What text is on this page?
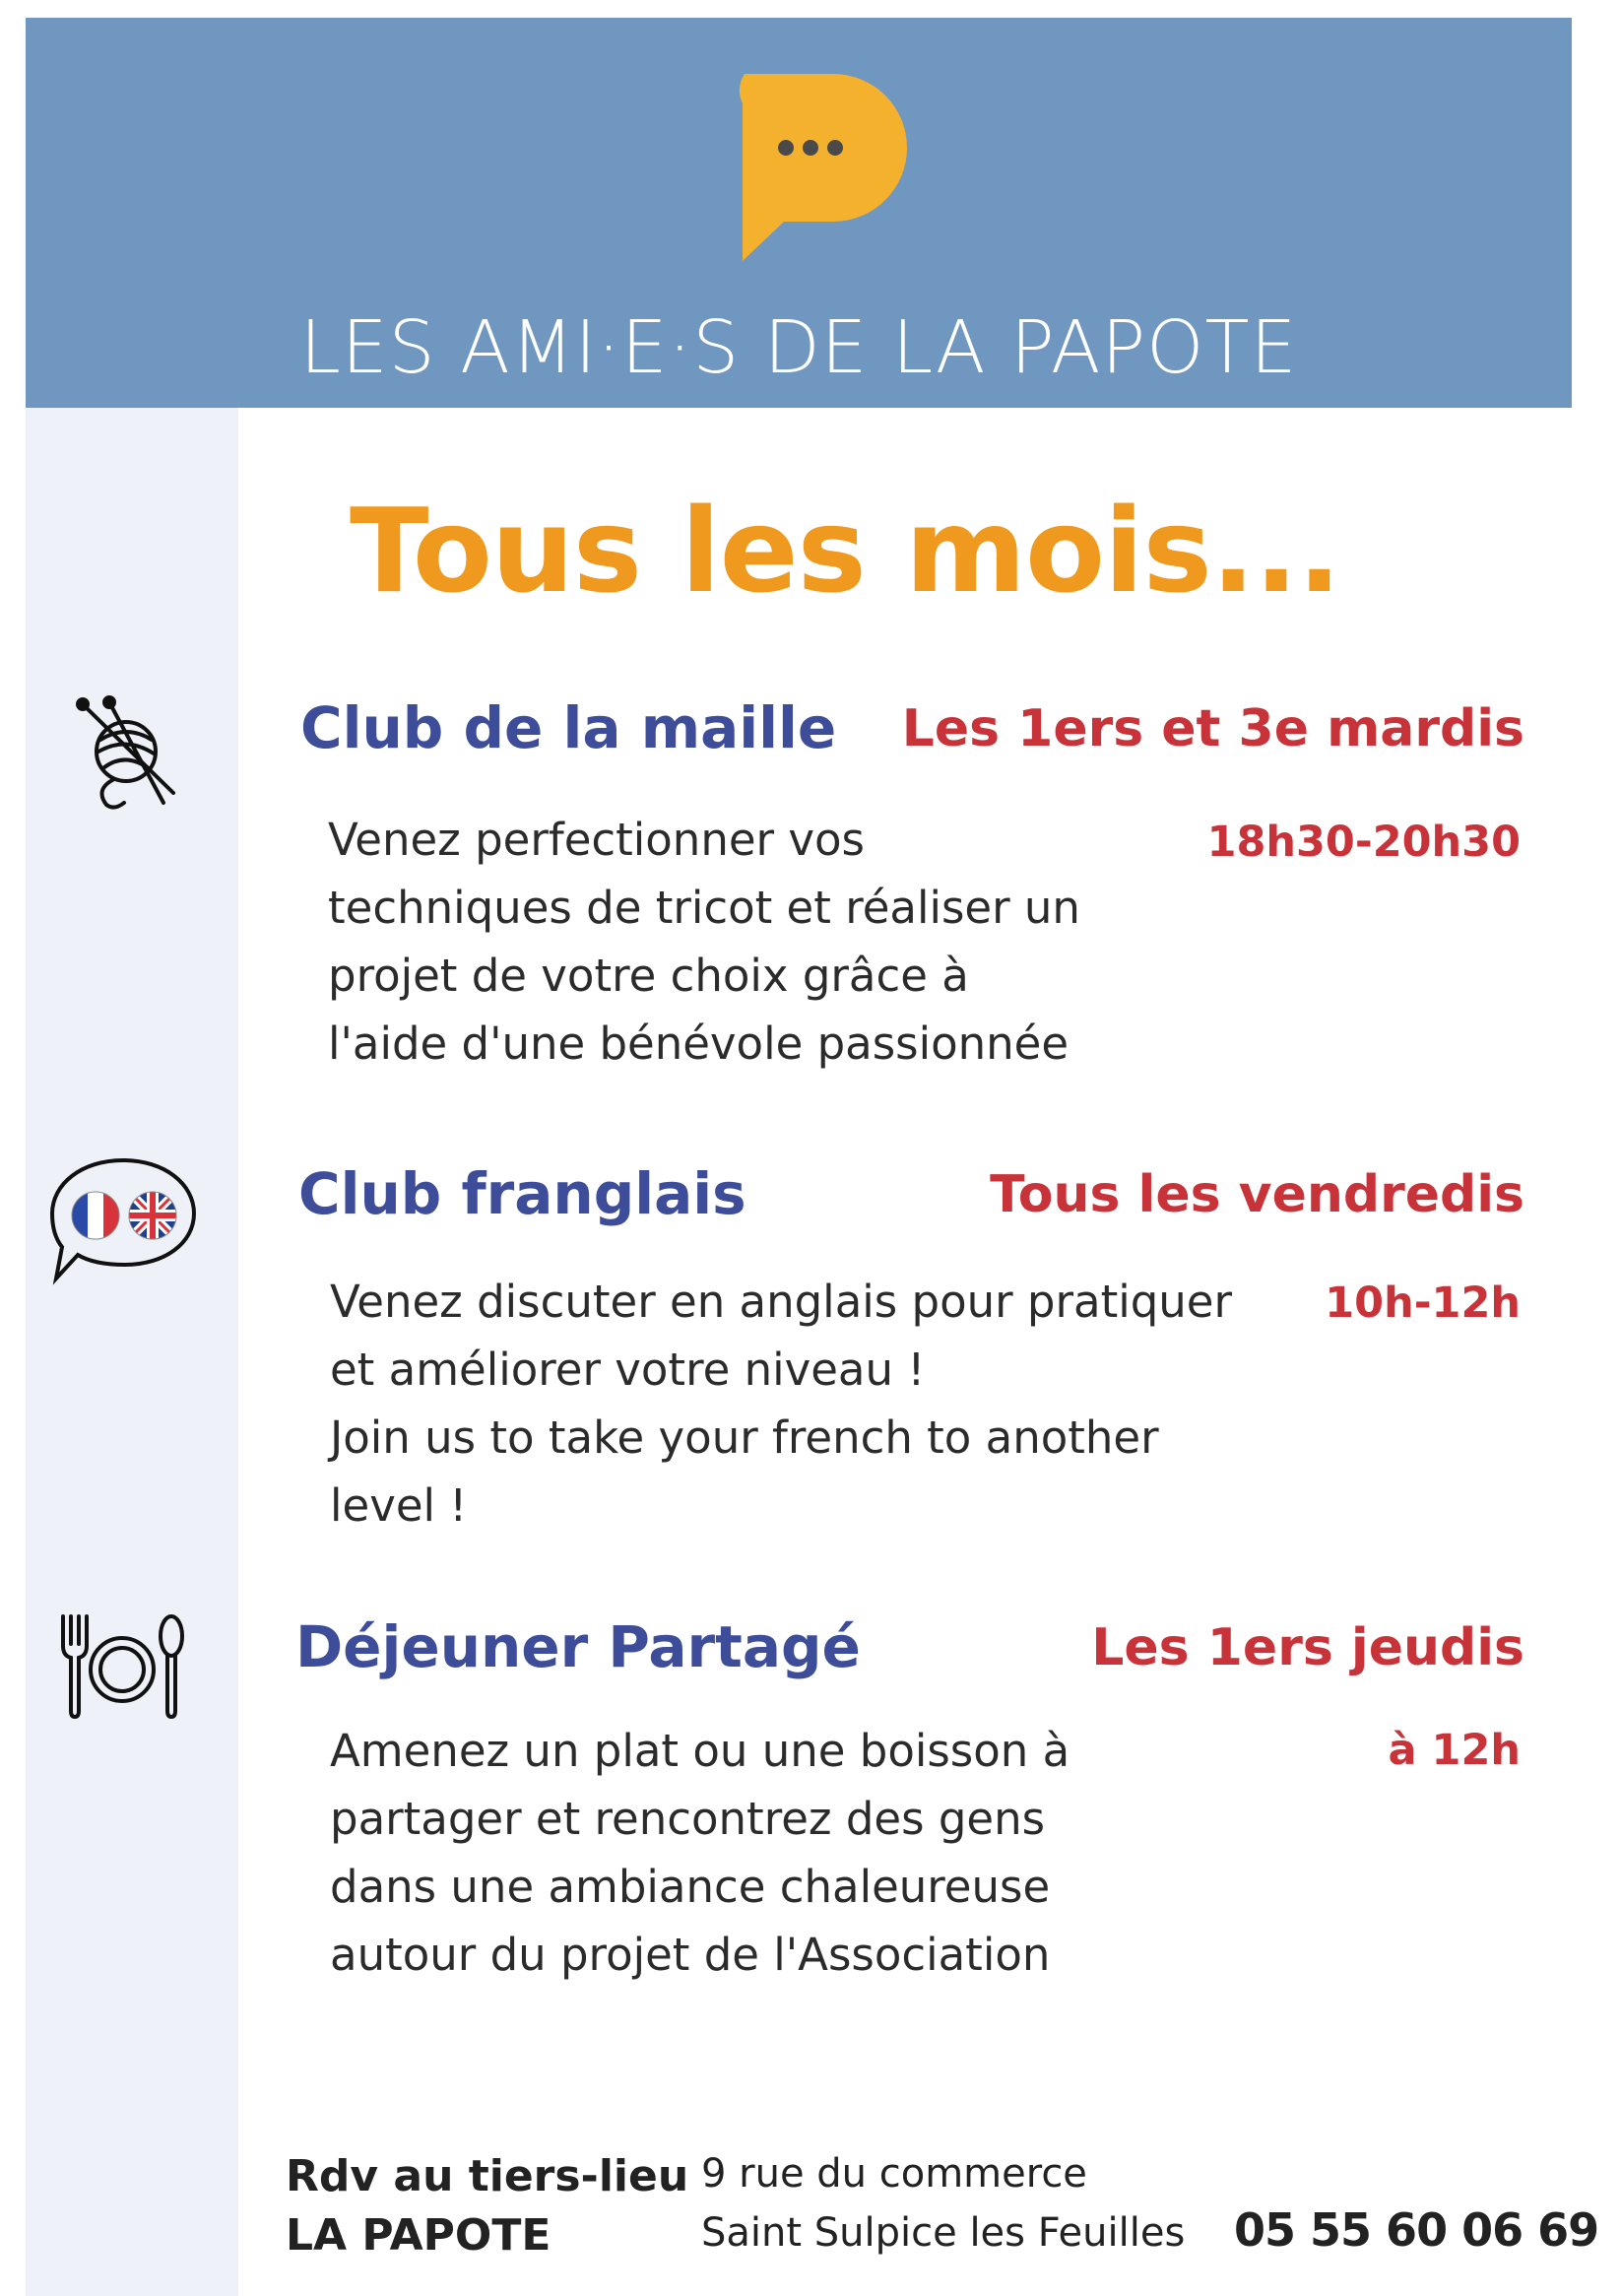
LES AMI·E·S DE LA PAPOTE
Tous les mois...
Club de la maille Les 1ers et 3e mardis
18h30-20h30
Venez perfectionner vos
techniques de tricot et réaliser un
projet de votre choix grâce à
l'aide d'une bénévole passionnée
Club franglais	Tous les vendredis
10h-12h
Venez discuter en anglais pour pratiquer
et améliorer votre niveau !
Join us to take your french to another
level !
Déjeuner Partagé	Les 1ers jeudis
à 12h
Amenez un plat ou une boisson à
partager et rencontrez des gens
dans une ambiance chaleureuse
autour du projet de l'Association
Rdv au tiers-lieu
LA PAPOTE
9 rue du commerce
Saint Sulpice les Feuilles 05 55 60 06 69
